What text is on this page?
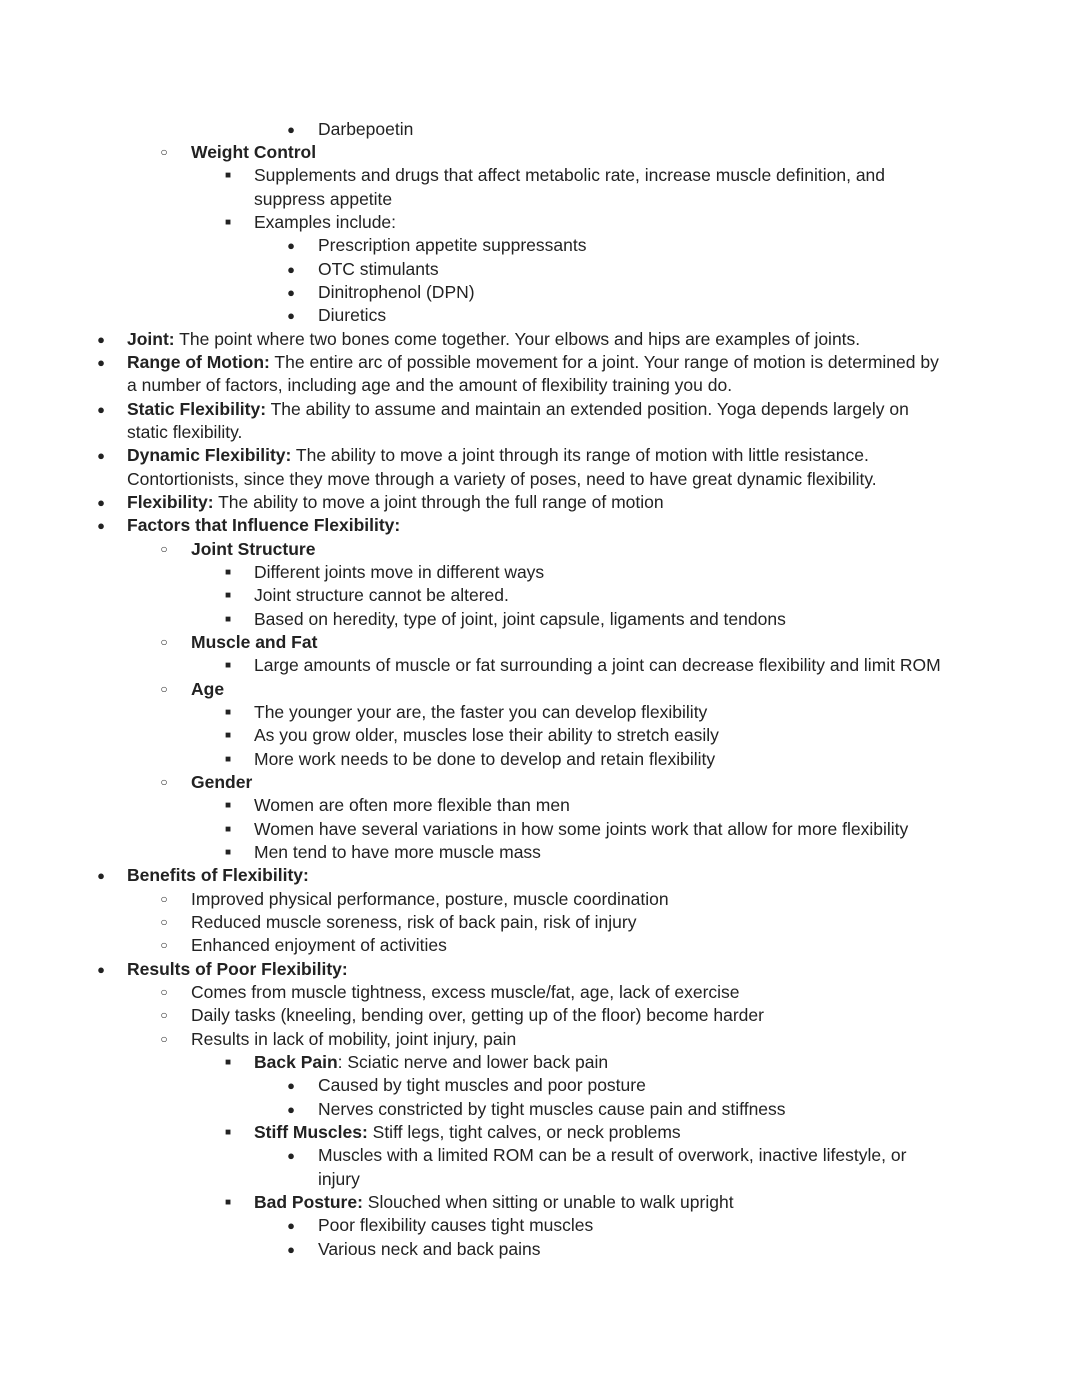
● Darbepoetin
○ Weight Control
■ Supplements and drugs that affect metabolic rate, increase muscle definition, and
suppress appetite
■ Examples include:
● Prescription appetite suppressants
● OTC stimulants
● Dinitrophenol (DPN)
● Diuretics
● Joint: The point where two bones come together. Your elbows and hips are examples of joints.
● Range of Motion: The entire arc of possible movement for a joint. Your range of motion is determined by
a number of factors, including age and the amount of flexibility training you do.
● Static Flexibility: The ability to assume and maintain an extended position. Yoga depends largely on
static flexibility.
● Dynamic Flexibility: The ability to move a joint through its range of motion with little resistance.
Contortionists, since they move through a variety of poses, need to have great dynamic flexibility.
● Flexibility: The ability to move a joint through the full range of motion
● Factors that Influence Flexibility:
○ Joint Structure
■ Different joints move in different ways
■ Joint structure cannot be altered.
■ Based on heredity, type of joint, joint capsule, ligaments and tendons
○ Muscle and Fat
■ Large amounts of muscle or fat surrounding a joint can decrease flexibility and limit ROM
○ Age
■ The younger your are, the faster you can develop flexibility
■ As you grow older, muscles lose their ability to stretch easily
■ More work needs to be done to develop and retain flexibility
○ Gender
■ Women are often more flexible than men
■ Women have several variations in how some joints work that allow for more flexibility
■ Men tend to have more muscle mass
● Benefits of Flexibility:
○ Improved physical performance, posture, muscle coordination
○ Reduced muscle soreness, risk of back pain, risk of injury
○ Enhanced enjoyment of activities
● Results of Poor Flexibility:
○ Comes from muscle tightness, excess muscle/fat, age, lack of exercise
○ Daily tasks (kneeling, bending over, getting up of the floor) become harder
○ Results in lack of mobility, joint injury, pain
■ Back Pain: Sciatic nerve and lower back pain
● Caused by tight muscles and poor posture
● Nerves constricted by tight muscles cause pain and stiffness
■ Stiff Muscles: Stiff legs, tight calves, or neck problems
● Muscles with a limited ROM can be a result of overwork, inactive lifestyle, or
injury
■ Bad Posture: Slouched when sitting or unable to walk upright
● Poor flexibility causes tight muscles
● Various neck and back pains
